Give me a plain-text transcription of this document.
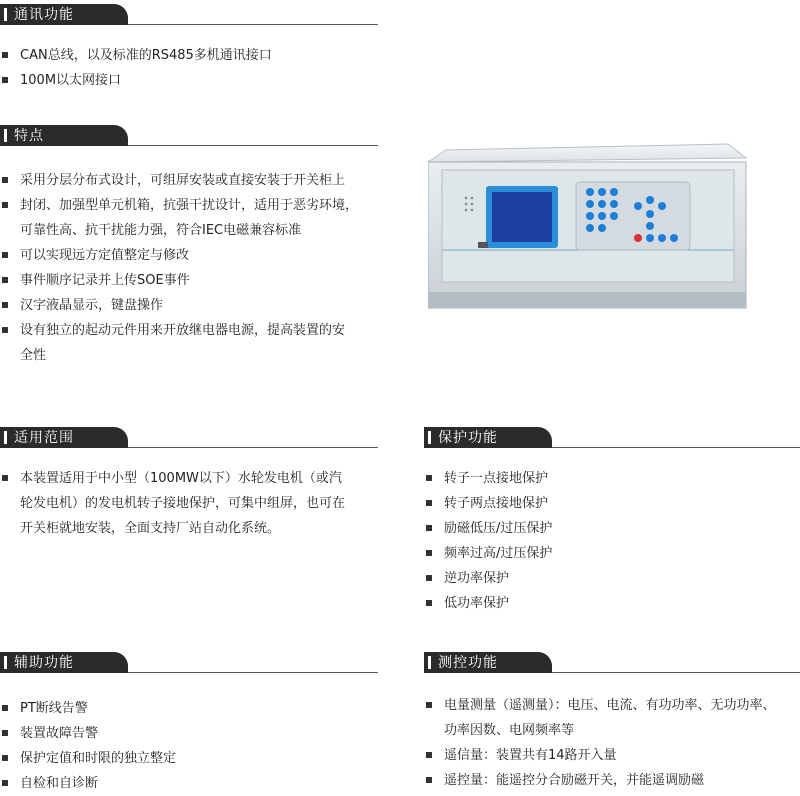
通讯功能
CAN总线，以及标准的RS485多机通讯接口
100M以太网接口
特点
采用分层分布式设计，可组屏安装或直接安装于开关柜上
封闭、加强型单元机箱，抗强干扰设计，适用于恶劣环境，
可靠性高、抗干扰能力强，符合IEC电磁兼容标准
可以实现远方定值整定与修改
事件顺序记录并上传SOE事件
汉字液晶显示，键盘操作
设有独立的起动元件用来开放继电器电源，提高装置的安
全性
适用范围
本装置适用于中小型（100MW以下）水轮发电机（或汽
轮发电机）的发电机转子接地保护，可集中组屏，也可在
开关柜就地安装，全面支持厂站自动化系统。
保护功能
转子一点接地保护
转子两点接地保护
励磁低压/过压保护
频率过高/过压保护
逆功率保护
低功率保护
辅助功能
PT断线告警
装置故障告警
保护定值和时限的独立整定
自检和自诊断
测控功能
电量测量（遥测量）：电压、电流、有功功率、无功功率、
功率因数、电网频率等
遥信量：装置共有14路开入量
遥控量：能遥控分合励磁开关，并能遥调励磁
